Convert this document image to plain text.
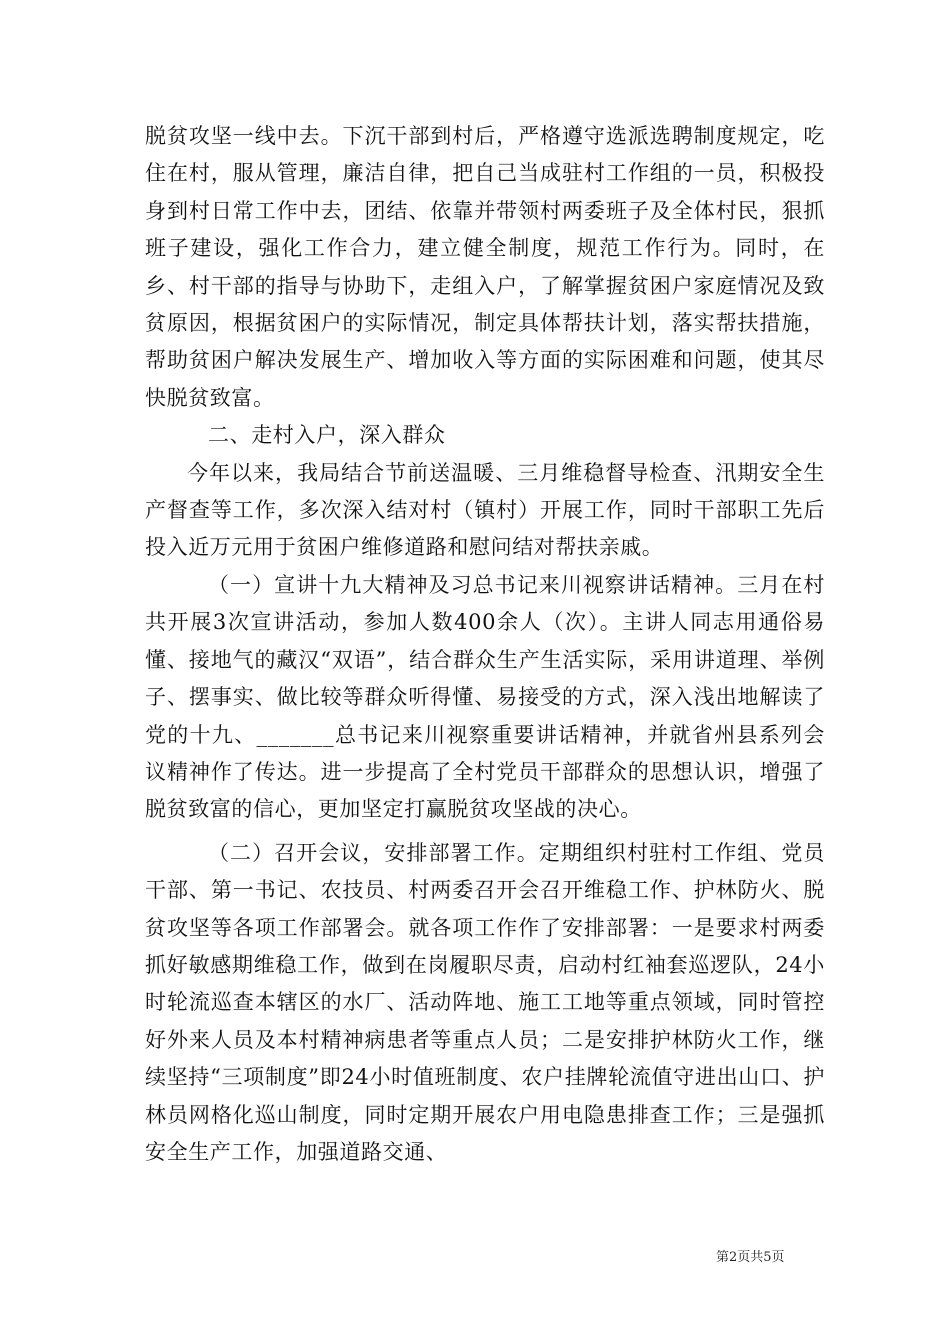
脱贫攻坚一线中去。下沉干部到村后，严格遵守选派选聘制度规定，吃住在村，服从管理，廉洁自律，把自己当成驻村工作组的一员，积极投身到村日常工作中去，团结、依靠并带领村两委班子及全体村民，狠抓班子建设，强化工作合力，建立健全制度，规范工作行为。同时，在乡、村干部的指导与协助下，走组入户，了解掌握贫困户家庭情况及致贫原因，根据贫困户的实际情况，制定具体帮扶计划，落实帮扶措施，帮助贫困户解决发展生产、增加收入等方面的实际困难和问题，使其尽快脱贫致富。

二、走村入户，深入群众

今年以来，我局结合节前送温暖、三月维稳督导检查、汛期安全生产督查等工作，多次深入结对村（镇村）开展工作，同时干部职工先后投入近万元用于贫困户维修道路和慰问结对帮扶亲戚。

（一）宣讲十九大精神及习总书记来川视察讲话精神。三月在村共开展3次宣讲活动，参加人数400余人（次）。主讲人同志用通俗易懂、接地气的藏汉“双语”，结合群众生产生活实际，采用讲道理、举例子、摆事实、做比较等群众听得懂、易接受的方式，深入浅出地解读了党的十九、_______总书记来川视察重要讲话精神，并就省州县系列会议精神作了传达。进一步提高了全村党员干部群众的思想认识，增强了脱贫致富的信心，更加坚定打赢脱贫攻坚战的决心。

（二）召开会议，安排部署工作。定期组织村驻村工作组、党员干部、第一书记、农技员、村两委召开会召开维稳工作、护林防火、脱贫攻坚等各项工作部署会。就各项工作作了安排部署：一是要求村两委抓好敏感期维稳工作，做到在岗履职尽责，启动村红袖套巡逻队，24小时轮流巡查本辖区的水厂、活动阵地、施工工地等重点领域，同时管控好外来人员及本村精神病患者等重点人员；二是安排护林防火工作，继续坚持“三项制度”即24小时值班制度、农户挂牌轮流值守进出山口、护林员网格化巡山制度，同时定期开展农户用电隐患排查工作；三是强抓安全生产工作，加强道路交通、

第2页共5页
